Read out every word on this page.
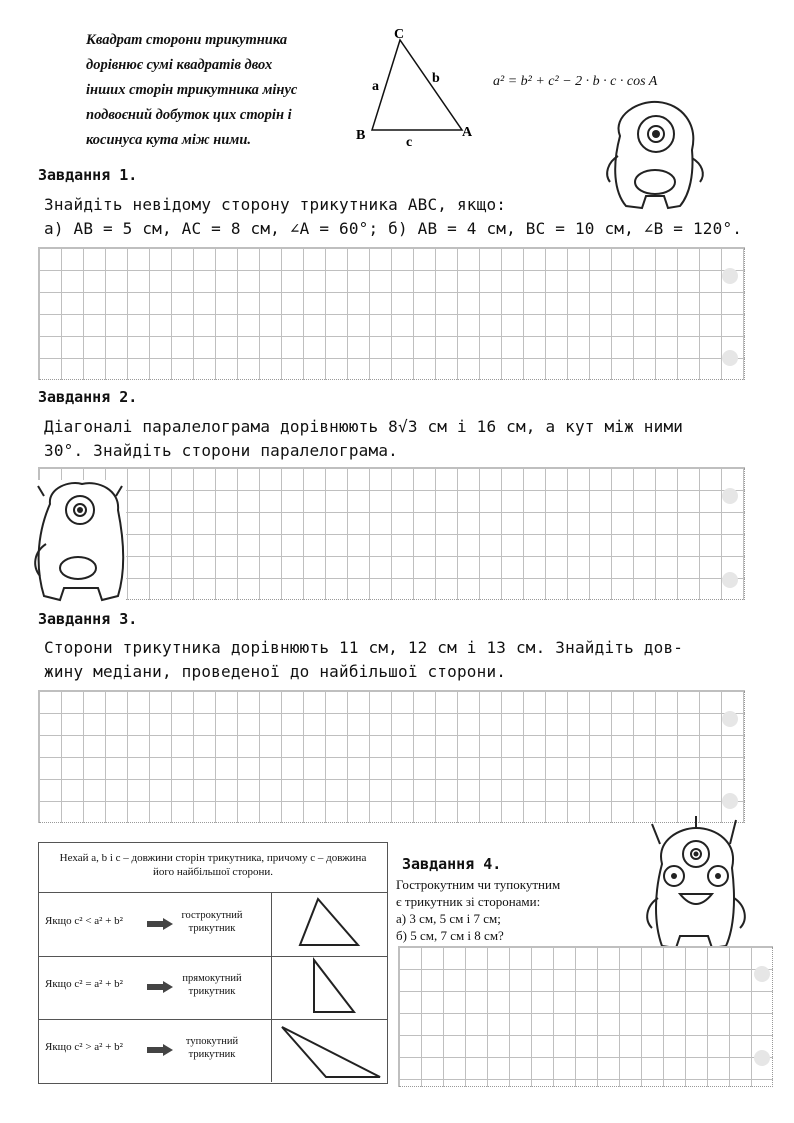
Квадрат сторони трикутника
дорівнює сумі квадратів двох
інших сторін трикутника мінус
подвоєний добуток цих сторін і
косинуса кута між ними.
C
B	A
a
b
c
a² = b² + c² − 2 · b · c · cos A
Завдання 1.
Знайдіть невідому сторону трикутника ABC, якщо:
а) AB = 5 см, AC = 8 см, ∠A = 60°; б) AB = 4 см, BC = 10 см, ∠B = 120°.
Завдання 2.
Діагоналі паралелограма дорівнюють 8√3 см і 16 см, а кут між ними
30°. Знайдіть сторони паралелограма.
Завдання 3.
Сторони трикутника дорівнюють 11 см, 12 см і 13 см. Знайдіть дов-
жину медіани, проведеної до найбільшої сторони.
Нехай a, b і c – довжини сторін трикутника, причому c – довжина
його найбільшої сторони.
Якщо c² < a² + b²	гострокутний
трикутник
Якщо c² = a² + b²	прямокутний
трикутник
Якщо c² > a² + b²	тупокутний
трикутник
Завдання 4.
Гострокутним чи тупокутним
є трикутник зі сторонами:
а) 3 см, 5 см і 7 см;
б) 5 см, 7 см і 8 см?
